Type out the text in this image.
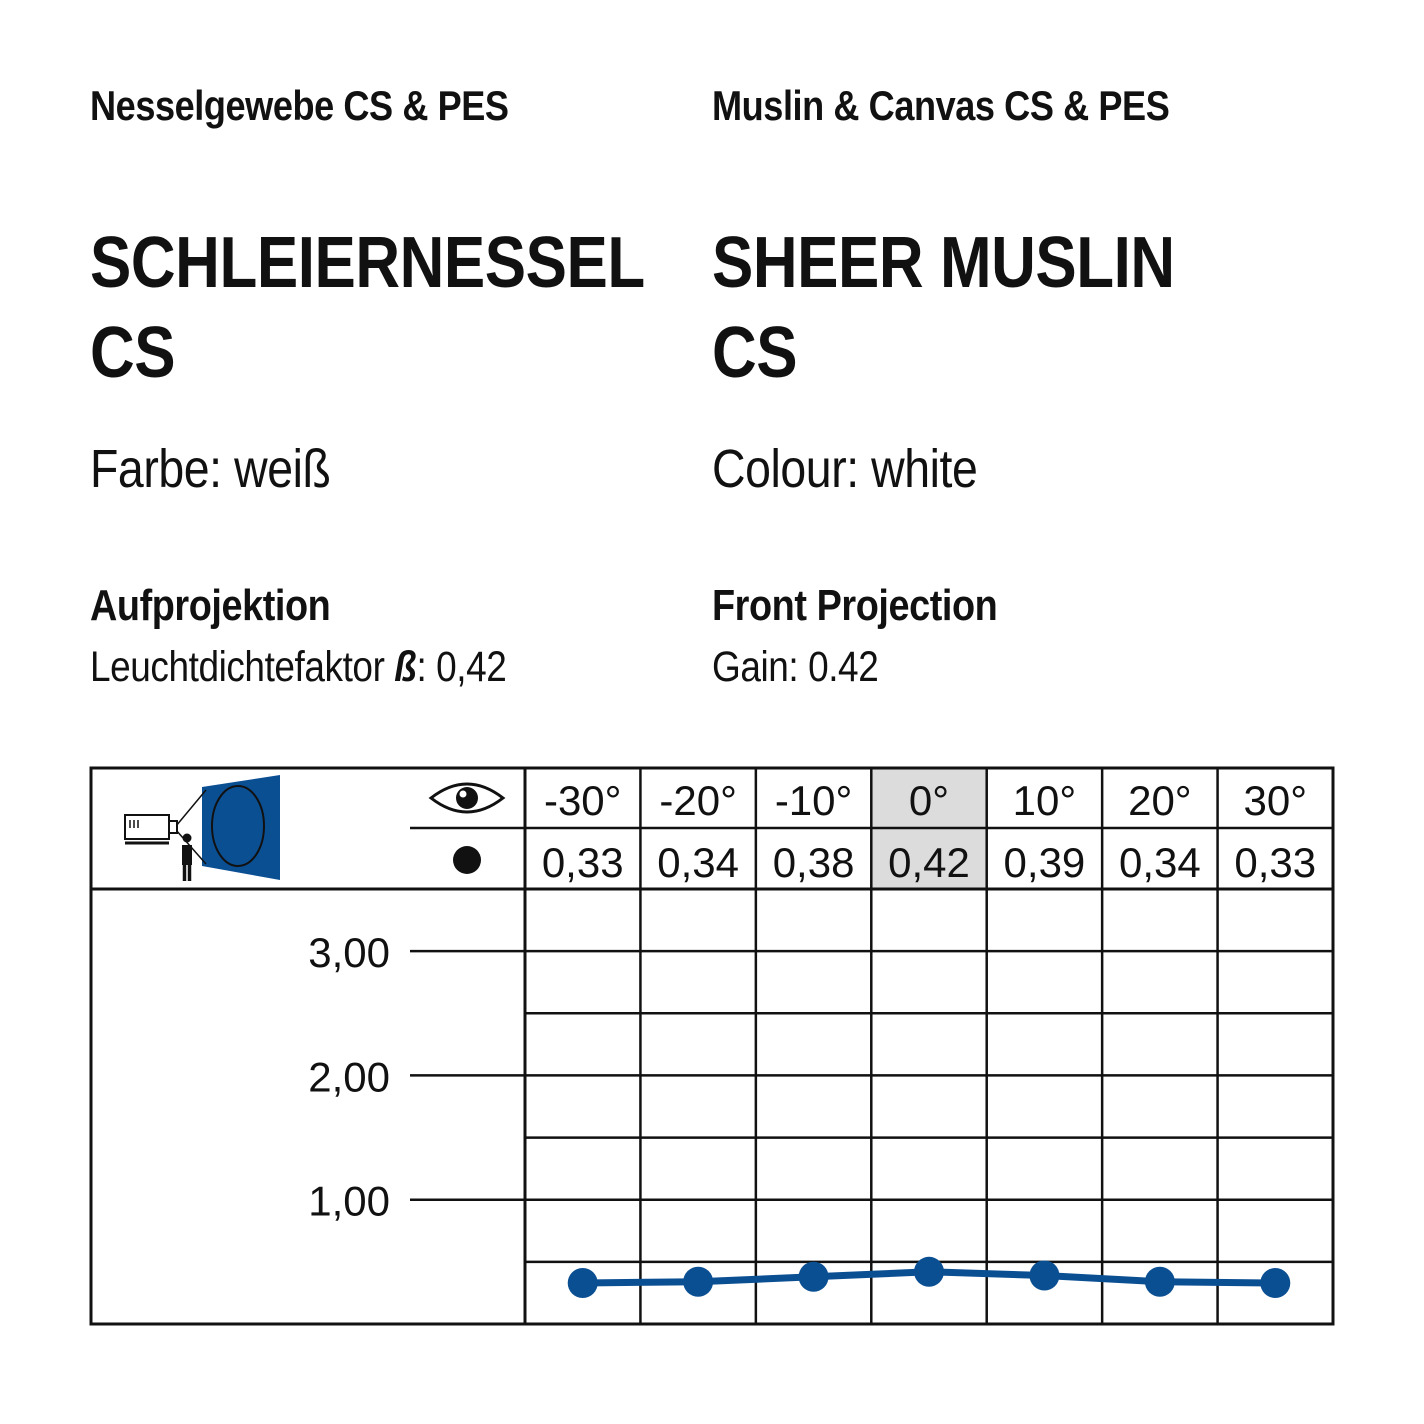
Nesselgewebe CS & PES
SCHLEIERNESSEL
CS
Farbe: weiß
Aufprojektion
Leuchtdichtefaktor ß: 0,42
Muslin & Canvas CS & PES
SHEER MUSLIN
CS
Colour: white
Front Projection
Gain: 0.42
-30° -20° -10° 0° 10° 20° 30°
0,33 0,34 0,38 0,42 0,39 0,34 0,33
1,00
2,00
3,00
